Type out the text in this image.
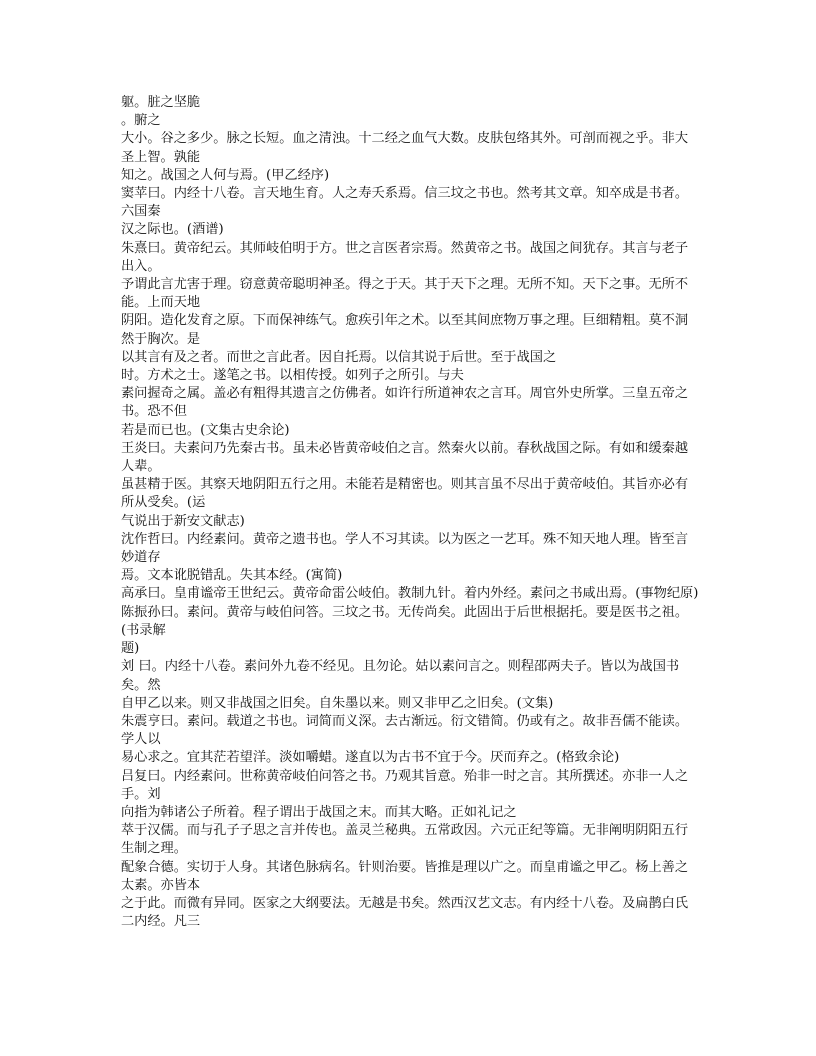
躯。脏之坚脆
。腑之
大小。谷之多少。脉之长短。血之清浊。十二经之血气大数。皮肤包络其外。可剖而视之乎。非大圣上智。孰能
知之。战国之人何与焉。(甲乙经序)
窦苹曰。内经十八卷。言天地生育。人之寿夭系焉。信三坟之书也。然考其文章。知卒成是书者。六国秦
汉之际也。(酒谱)
朱熹曰。黄帝纪云。其师岐伯明于方。世之言医者宗焉。然黄帝之书。战国之间犹存。其言与老子出入。
予谓此言尤害于理。窃意黄帝聪明神圣。得之于天。其于天下之理。无所不知。天下之事。无所不能。上而天地
阴阳。造化发育之原。下而保神练气。愈疾引年之术。以至其间庶物万事之理。巨细精粗。莫不洞然于胸次。是
以其言有及之者。而世之言此者。因自托焉。以信其说于后世。至于战国之
时。方术之士。遂笔之书。以相传授。如列子之所引。与夫
素问握奇之属。盖必有粗得其遗言之仿佛者。如许行所道神农之言耳。周官外史所掌。三皇五帝之书。恐不但
若是而已也。(文集古史余论)
王炎曰。夫素问乃先秦古书。虽未必皆黄帝岐伯之言。然秦火以前。春秋战国之际。有如和缓秦越人辈。
虽甚精于医。其察天地阴阳五行之用。未能若是精密也。则其言虽不尽出于黄帝岐伯。其旨亦必有所从受矣。(运
气说出于新安文献志)
沈作哲曰。内经素问。黄帝之遗书也。学人不习其读。以为医之一艺耳。殊不知天地人理。皆至言妙道存
焉。文本讹脱错乱。失其本经。(寓简)
高承曰。皇甫谧帝王世纪云。黄帝命雷公岐伯。教制九针。着内外经。素问之书咸出焉。(事物纪原)
陈振孙曰。素问。黄帝与岐伯问答。三坟之书。无传尚矣。此固出于后世根据托。要是医书之祖。(书录解
题)
刘 曰。内经十八卷。素问外九卷不经见。且勿论。姑以素问言之。则程邵两夫子。皆以为战国书矣。然
自甲乙以来。则又非战国之旧矣。自朱墨以来。则又非甲乙之旧矣。(文集)
朱震亨曰。素问。载道之书也。词简而义深。去古渐远。衍文错简。仍或有之。故非吾儒不能读。学人以
易心求之。宜其茫若望洋。淡如嚼蜡。遂直以为古书不宜于今。厌而弃之。(格致余论)
吕复曰。内经素问。世称黄帝岐伯问答之书。乃观其旨意。殆非一时之言。其所撰述。亦非一人之手。刘
向指为韩诸公子所着。程子谓出于战国之末。而其大略。正如礼记之
萃于汉儒。而与孔子子思之言并传也。盖灵兰秘典。五常政因。六元正纪等篇。无非阐明阴阳五行生制之理。
配象合德。实切于人身。其诸色脉病名。针则治要。皆推是理以广之。而皇甫谧之甲乙。杨上善之太素。亦皆本
之于此。而微有异同。医家之大纲要法。无越是书矣。然西汉艺文志。有内经十八卷。及扁鹊白氏二内经。凡三
